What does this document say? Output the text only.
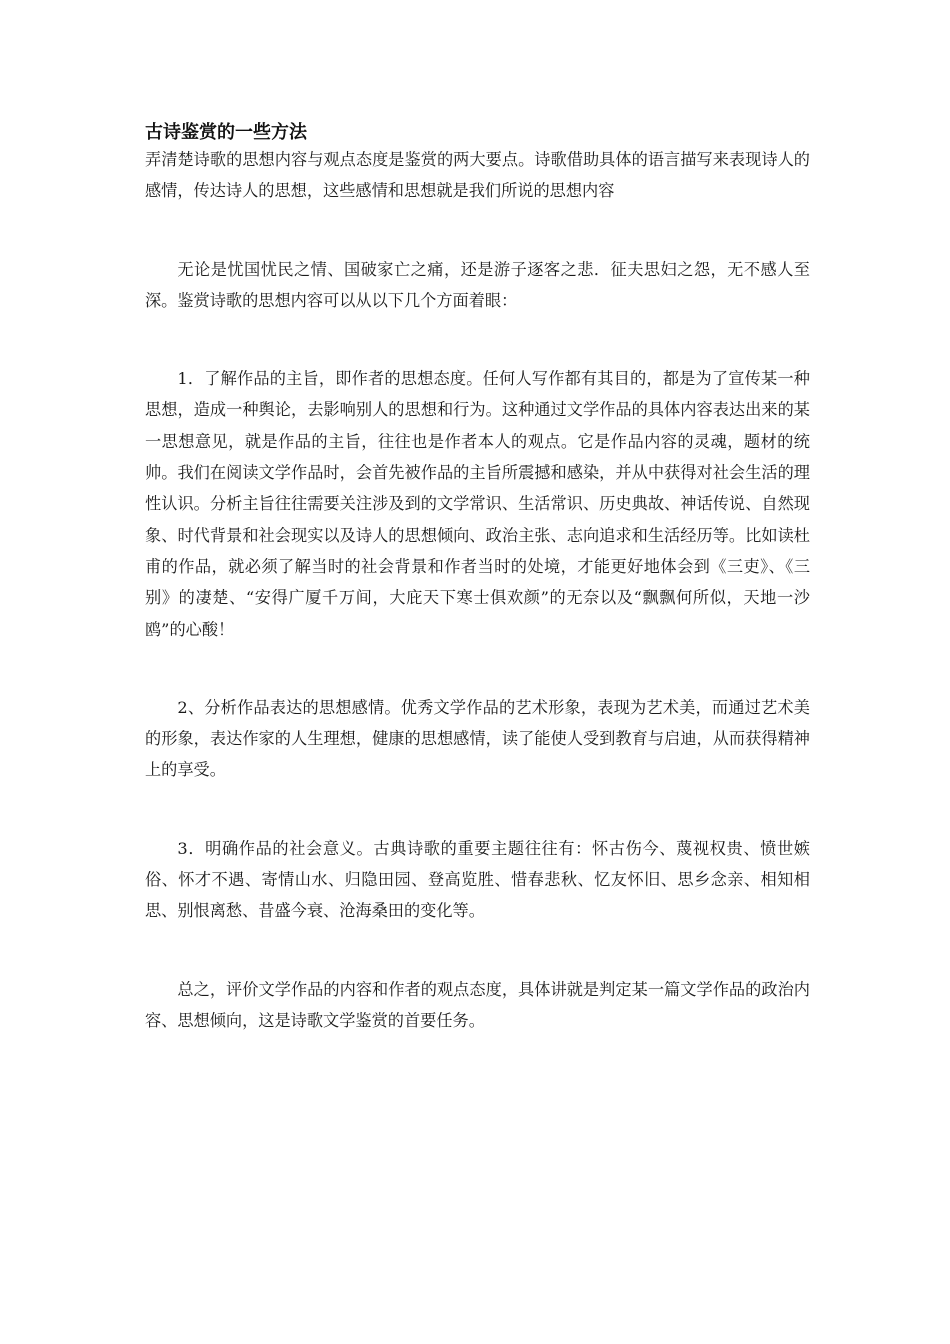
古诗鉴赏的一些方法

弄清楚诗歌的思想内容与观点态度是鉴赏的两大要点。诗歌借助具体的语言描写来表现诗人的感情，传达诗人的思想，这些感情和思想就是我们所说的思想内容

无论是忧国忧民之情、国破家亡之痛，还是游子逐客之悲．征夫思妇之怨，无不感人至深。鉴赏诗歌的思想内容可以从以下几个方面着眼：

1．了解作品的主旨，即作者的思想态度。任何人写作都有其目的，都是为了宣传某一种思想，造成一种舆论，去影响别人的思想和行为。这种通过文学作品的具体内容表达出来的某一思想意见，就是作品的主旨，往往也是作者本人的观点。它是作品内容的灵魂，题材的统帅。我们在阅读文学作品时，会首先被作品的主旨所震撼和感染，并从中获得对社会生活的理性认识。分析主旨往往需要关注涉及到的文学常识、生活常识、历史典故、神话传说、自然现象、时代背景和社会现实以及诗人的思想倾向、政治主张、志向追求和生活经历等。比如读杜甫的作品，就必须了解当时的社会背景和作者当时的处境，才能更好地体会到《三吏》、《三别》的凄楚、“安得广厦千万间，大庇天下寒士俱欢颜”的无奈以及“飘飘何所似，天地一沙鸥”的心酸！

2、分析作品表达的思想感情。优秀文学作品的艺术形象，表现为艺术美，而通过艺术美的形象，表达作家的人生理想，健康的思想感情，读了能使人受到教育与启迪，从而获得精神上的享受。

3．明确作品的社会意义。古典诗歌的重要主题往往有：怀古伤今、蔑视权贵、愤世嫉俗、怀才不遇、寄情山水、归隐田园、登高览胜、惜春悲秋、忆友怀旧、思乡念亲、相知相思、别恨离愁、昔盛今衰、沧海桑田的变化等。

总之，评价文学作品的内容和作者的观点态度，具体讲就是判定某一篇文学作品的政治内容、思想倾向，这是诗歌文学鉴赏的首要任务。
